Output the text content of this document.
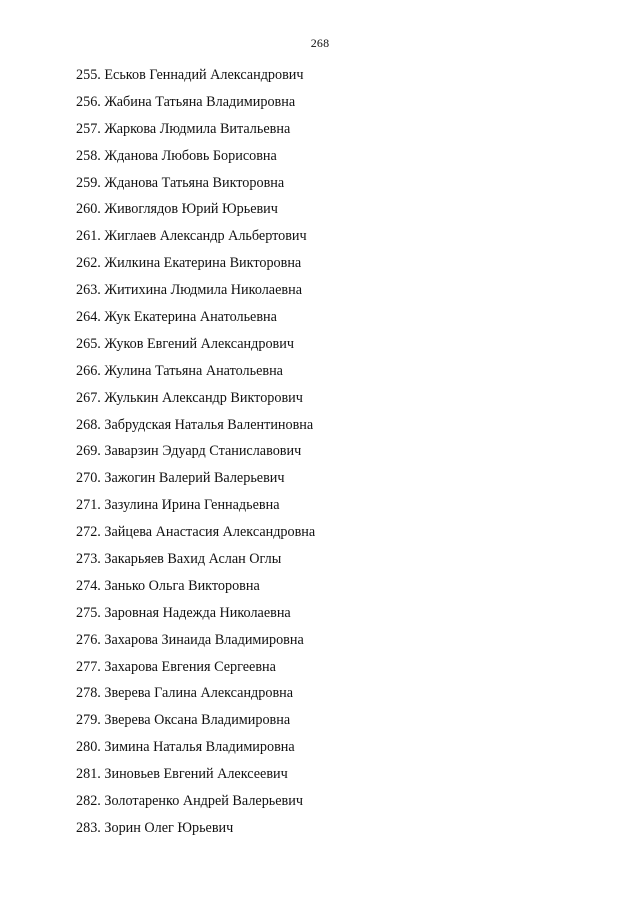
268
255. Еськов Геннадий Александрович
256. Жабина Татьяна Владимировна
257. Жаркова Людмила Витальевна
258. Жданова Любовь Борисовна
259. Жданова Татьяна Викторовна
260. Живоглядов Юрий Юрьевич
261. Жиглаев Александр Альбертович
262. Жилкина Екатерина Викторовна
263. Житихина Людмила Николаевна
264. Жук Екатерина Анатольевна
265. Жуков Евгений Александрович
266. Жулина Татьяна Анатольевна
267. Жулькин Александр Викторович
268. Забрудская Наталья Валентиновна
269. Заварзин Эдуард Станиславович
270. Зажогин Валерий Валерьевич
271. Зазулина Ирина Геннадьевна
272. Зайцева Анастасия Александровна
273. Закарьяев Вахид Аслан Оглы
274. Занько Ольга Викторовна
275. Заровная Надежда Николаевна
276. Захарова Зинаида Владимировна
277. Захарова Евгения Сергеевна
278. Зверева Галина Александровна
279. Зверева Оксана Владимировна
280. Зимина Наталья Владимировна
281. Зиновьев Евгений Алексеевич
282. Золотаренко Андрей Валерьевич
283. Зорин Олег Юрьевич
